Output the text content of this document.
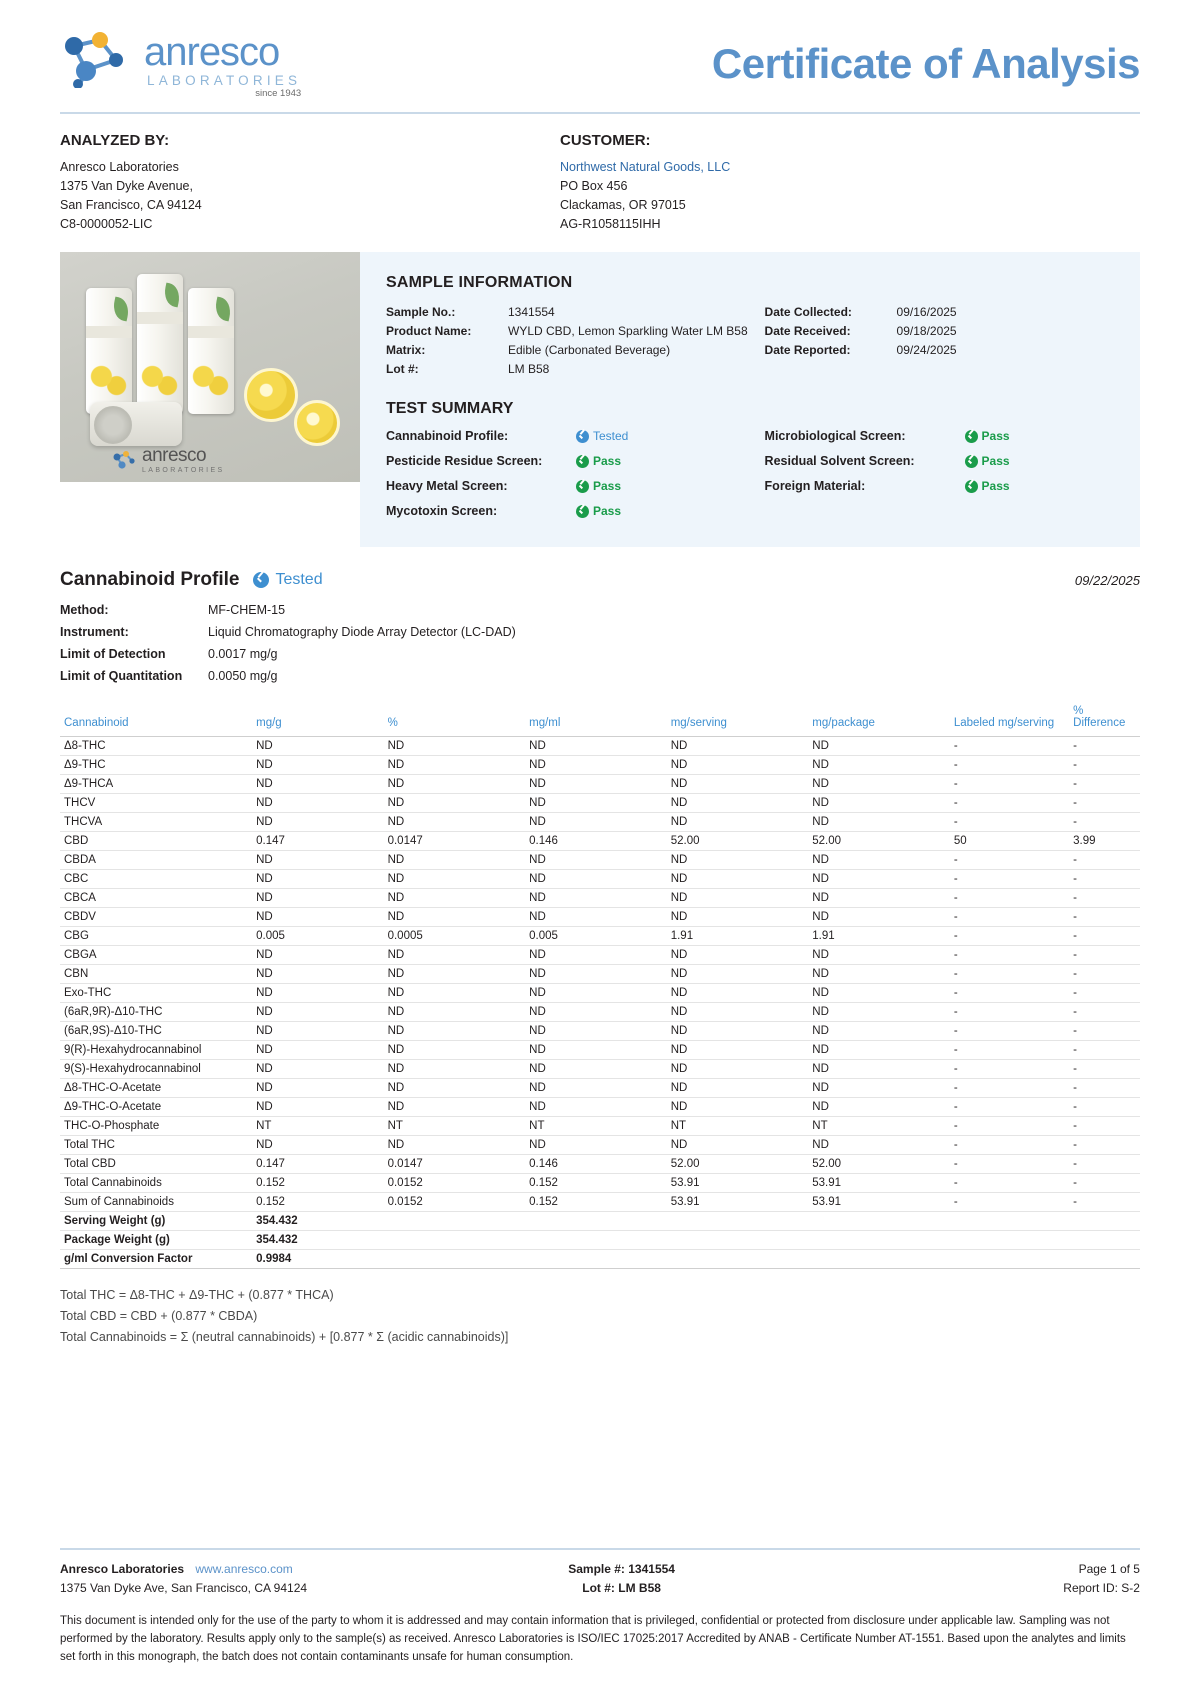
anresco
LABORATORIES
since 1943
Certificate of Analysis
ANALYZED BY:
Anresco Laboratories
1375 Van Dyke Avenue,
San Francisco, CA 94124
C8-0000052-LIC
CUSTOMER:
Northwest Natural Goods, LLC
PO Box 456
Clackamas, OR 97015
AG-R1058115IHH
anresco
LABORATORIES
SAMPLE INFORMATION
Sample No.:	1341554
Product Name:	WYLD CBD, Lemon Sparkling Water LM B58
Matrix:	Edible (Carbonated Beverage)
Lot #:	LM B58
Date Collected:	09/16/2025
Date Received:	09/18/2025
Date Reported:	09/24/2025
TEST SUMMARY
Cannabinoid Profile:	Tested
Pesticide Residue Screen:	Pass
Heavy Metal Screen:	Pass
Mycotoxin Screen:	Pass
Microbiological Screen:	Pass
Residual Solvent Screen:	Pass
Foreign Material:	Pass
Cannabinoid Profile Tested	09/22/2025
Method:	MF-CHEM-15
Instrument:	Liquid Chromatography Diode Array Detector (LC-DAD)
Limit of Detection	0.0017 mg/g
Limit of Quantitation	0.0050 mg/g
Cannabinoid	mg/g	%	mg/ml	mg/serving	mg/package	Labeled mg/serving	% Difference
Δ8-THC	ND	ND	ND	ND	ND	-	-
Δ9-THC	ND	ND	ND	ND	ND	-	-
Δ9-THCA	ND	ND	ND	ND	ND	-	-
THCV	ND	ND	ND	ND	ND	-	-
THCVA	ND	ND	ND	ND	ND	-	-
CBD	0.147	0.0147	0.146	52.00	52.00	50	3.99
CBDA	ND	ND	ND	ND	ND	-	-
CBC	ND	ND	ND	ND	ND	-	-
CBCA	ND	ND	ND	ND	ND	-	-
CBDV	ND	ND	ND	ND	ND	-	-
CBG	0.005	0.0005	0.005	1.91	1.91	-	-
CBGA	ND	ND	ND	ND	ND	-	-
CBN	ND	ND	ND	ND	ND	-	-
Exo-THC	ND	ND	ND	ND	ND	-	-
(6aR,9R)-Δ10-THC	ND	ND	ND	ND	ND	-	-
(6aR,9S)-Δ10-THC	ND	ND	ND	ND	ND	-	-
9(R)-Hexahydrocannabinol	ND	ND	ND	ND	ND	-	-
9(S)-Hexahydrocannabinol	ND	ND	ND	ND	ND	-	-
Δ8-THC-O-Acetate	ND	ND	ND	ND	ND	-	-
Δ9-THC-O-Acetate	ND	ND	ND	ND	ND	-	-
THC-O-Phosphate	NT	NT	NT	NT	NT	-	-
Total THC	ND	ND	ND	ND	ND	-	-
Total CBD	0.147	0.0147	0.146	52.00	52.00	-	-
Total Cannabinoids	0.152	0.0152	0.152	53.91	53.91	-	-
Sum of Cannabinoids	0.152	0.0152	0.152	53.91	53.91	-	-
Serving Weight (g)	354.432						
Package Weight (g)	354.432						
g/ml Conversion Factor	0.9984						
Total THC = Δ8-THC + Δ9-THC + (0.877 * THCA)
Total CBD = CBD + (0.877 * CBDA)
Total Cannabinoids = Σ (neutral cannabinoids) + [0.877 * Σ (acidic cannabinoids)]
Anresco Laboratories www.anresco.com
1375 Van Dyke Ave, San Francisco, CA 94124
Sample #: 1341554
Lot #: LM B58
Page 1 of 5
Report ID: S-2
This document is intended only for the use of the party to whom it is addressed and may contain information that is privileged, confidential or protected from disclosure under applicable law. Sampling was not performed by the laboratory. Results apply only to the sample(s) as received. Anresco Laboratories is ISO/IEC 17025:2017 Accredited by ANAB - Certificate Number AT-1551. Based upon the analytes and limits set forth in this monograph, the batch does not contain contaminants unsafe for human consumption.
